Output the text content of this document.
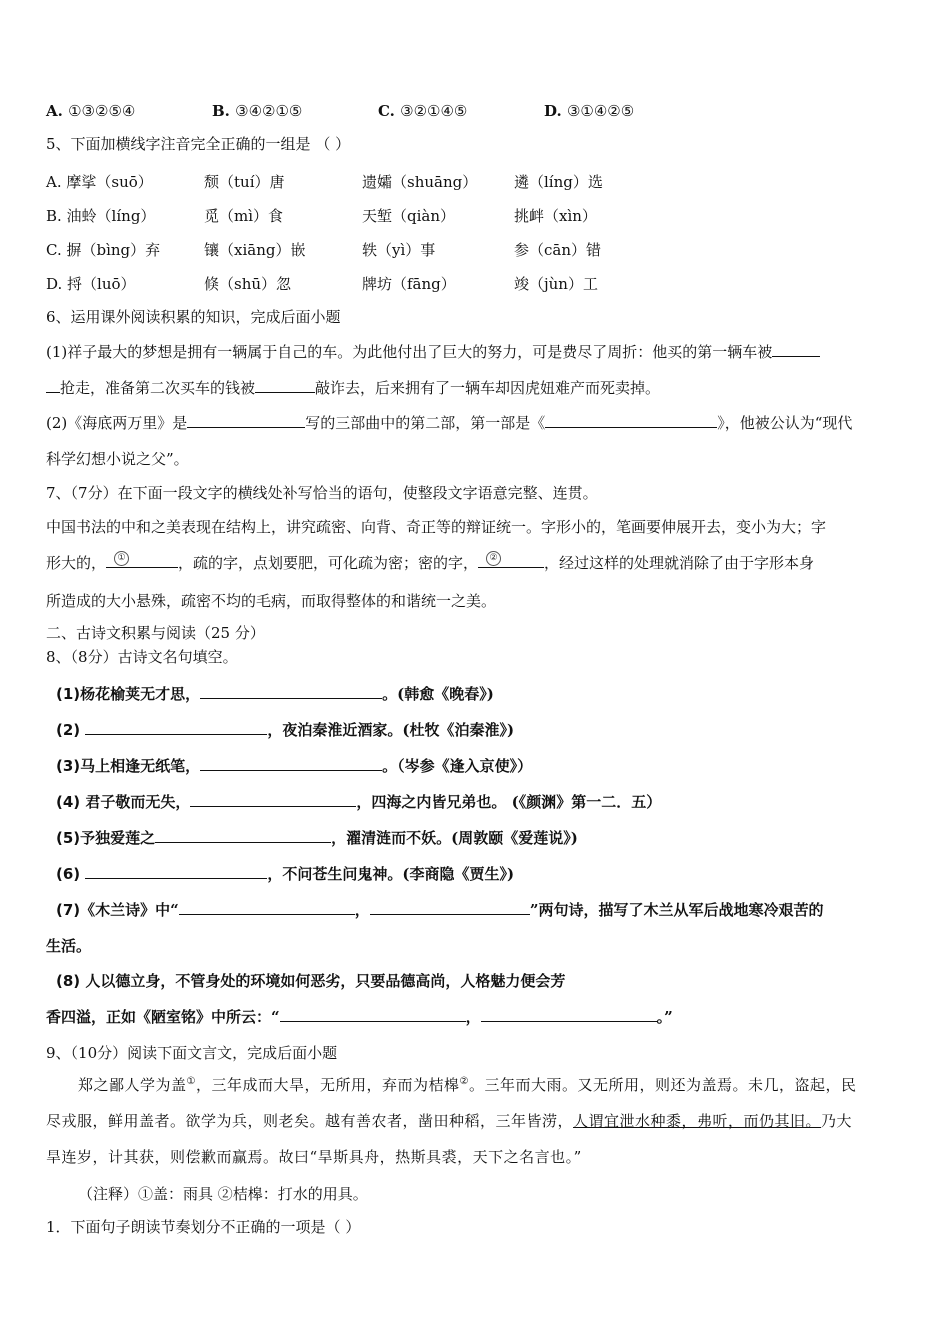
A. ①③②⑤④	B. ③④②①⑤	C. ③②①④⑤	D. ③①④②⑤
5、下面加横线字注音完全正确的一组是 （ ）
A. 摩挲（suō）	颓（tuí）唐	遗孀（shuāng） 遴（líng）选
B. 油蛉（líng）	觅（mì）食	天堑（qiàn）	挑衅（xìn）
C. 摒（bìng）弃	镶（xiāng）嵌	轶（yì）事	参（cān）错
D. 捋（luō）	倏（shū）忽	牌坊（fāng）	竣（jùn）工
6、运用课外阅读积累的知识，完成后面小题
(1)祥子最大的梦想是拥有一辆属于自己的车。为此他付出了巨大的努力，可是费尽了周折：他买的第一辆车被
抢走，准备第二次买车的钱被	敲诈去，后来拥有了一辆车却因虎妞难产而死卖掉。
(2)《海底两万里》是	写的三部曲中的第二部，第一部是《	》，他被公认为“现代
科学幻想小说之父”。
7、（7分）在下面一段文字的横线处补写恰当的语句，使整段文字语意完整、连贯。
中国书法的中和之美表现在结构上，讲究疏密、向背、奇正等的辩证统一。字形小的，笔画要伸展开去，变小为大；字
形大的，	①	，疏的字，点划要肥，可化疏为密；密的字，	②	，经过这样的处理就消除了由于字形本身
所造成的大小悬殊，疏密不均的毛病，而取得整体的和谐统一之美。
二、古诗文积累与阅读（25 分）
8、（8分）古诗文名句填空。
(1)杨花榆荚无才思，	。(韩愈《晚春》)
(2)	，夜泊秦淮近酒家。(杜牧《泊秦淮》)
(3)马上相逢无纸笔，	。（岑参《逢入京使》）
(4) 君子敬而无失，	，四海之内皆兄弟也。 (《颜渊》第一二．五）
(5)予独爱莲之	，濯清涟而不妖。(周敦颐《爱莲说》)
(6)	，不问苍生问鬼神。(李商隐《贾生》)
(7)《木兰诗》中“	，	”两句诗，描写了木兰从军后战地寒冷艰苦的
生活。
(8) 人以德立身，不管身处的环境如何恶劣，只要品德高尚，人格魅力便会芳
香四溢，正如《陋室铭》中所云：“	，	。”
9、（10分）阅读下面文言文，完成后面小题
郑之鄙人学为盖①，三年成而大旱，无所用，弃而为桔槔②。三年而大雨。又无所用，则还为盖焉。未几，盗起，民
尽戎服，鲜用盖者。欲学为兵，则老矣。越有善农者，凿田种稻，三年皆涝，人谓宜泄水种黍，弗听，而仍其旧。乃大
旱连岁，计其获，则偿歉而赢焉。故曰“旱斯具舟，热斯具裘，天下之名言也。”
（注释）①盖：雨具 ②桔槔：打水的用具。
1．下面句子朗读节奏划分不正确的一项是（ ）
